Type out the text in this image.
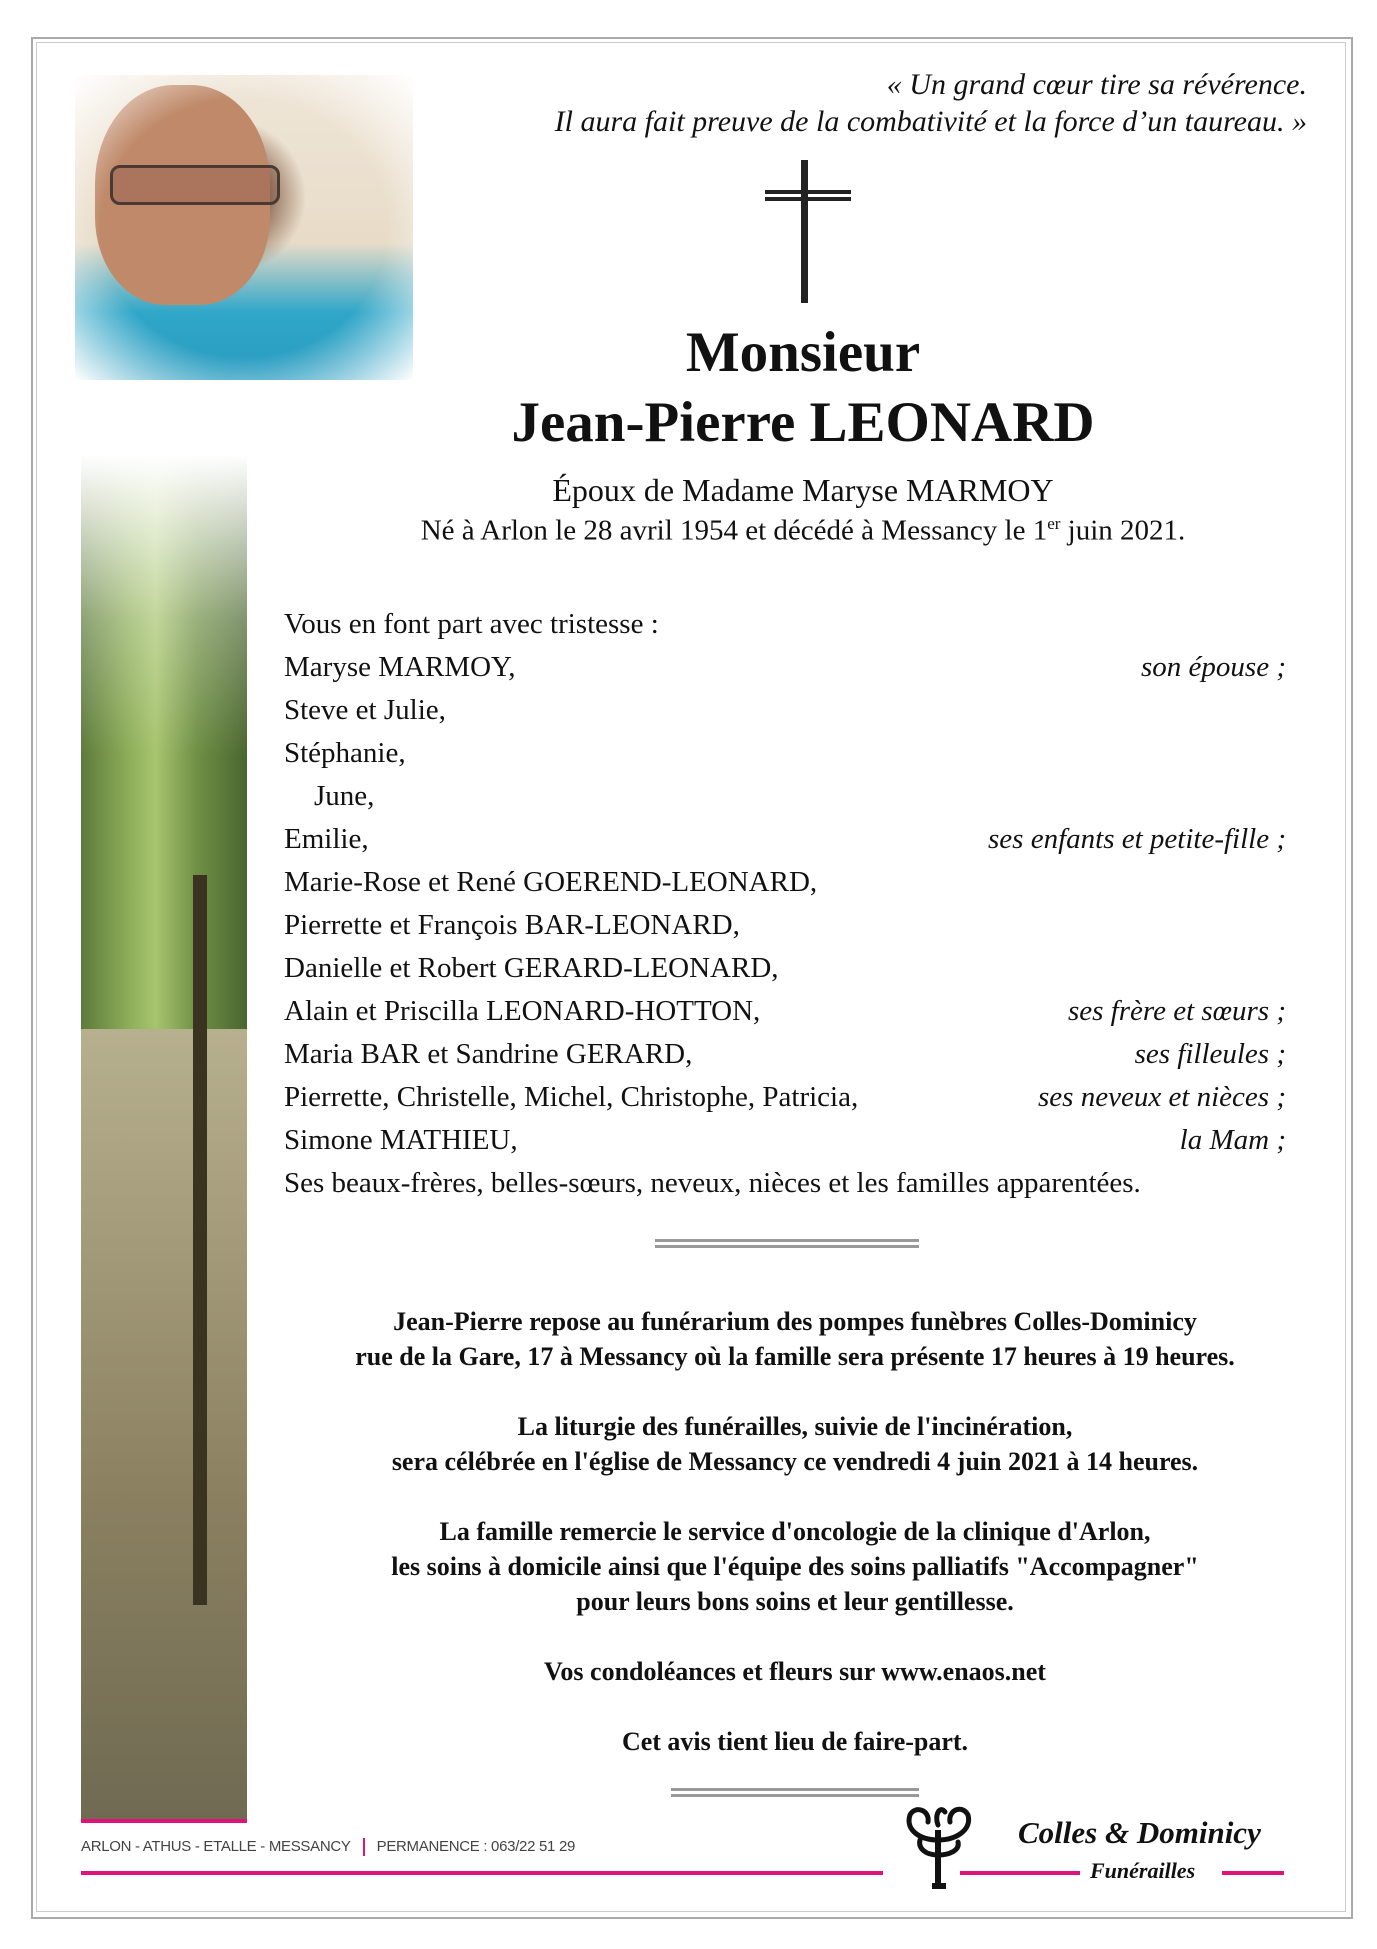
« Un grand cœur tire sa révérence.
Il aura fait preuve de la combativité et la force d’un taureau. »
Monsieur
Jean-Pierre LEONARD
Époux de Madame Maryse MARMOY
Né à Arlon le 28 avril 1954 et décédé à Messancy le 1er juin 2021.
Vous en font part avec tristesse :
Maryse MARMOY,	son épouse ;
Steve et Julie,
Stéphanie,
June,
Emilie,	ses enfants et petite-fille ;
Marie-Rose et René GOEREND-LEONARD,
Pierrette et François BAR-LEONARD,
Danielle et Robert GERARD-LEONARD,
Alain et Priscilla LEONARD-HOTTON,	ses frère et sœurs ;
Maria BAR et Sandrine GERARD,	ses filleules ;
Pierrette, Christelle, Michel, Christophe, Patricia,	ses neveux et nièces ;
Simone MATHIEU,	la Mam ;
Ses beaux-frères, belles-sœurs, neveux, nièces et les familles apparentées.

Jean-Pierre repose au funérarium des pompes funèbres Colles-Dominicy
rue de la Gare, 17 à Messancy où la famille sera présente 17 heures à 19 heures.

La liturgie des funérailles, suivie de l'incinération,
sera célébrée en l'église de Messancy ce vendredi 4 juin 2021 à 14 heures.

La famille remercie le service d'oncologie de la clinique d'Arlon,
les soins à domicile ainsi que l'équipe des soins palliatifs "Accompagner"
pour leurs bons soins et leur gentillesse.

Vos condoléances et fleurs sur www.enaos.net

Cet avis tient lieu de faire-part.

ARLON - ATHUS - ETALLE - MESSANCY PERMANENCE : 063/22 51 29	Colles & Dominicy
Funérailles
